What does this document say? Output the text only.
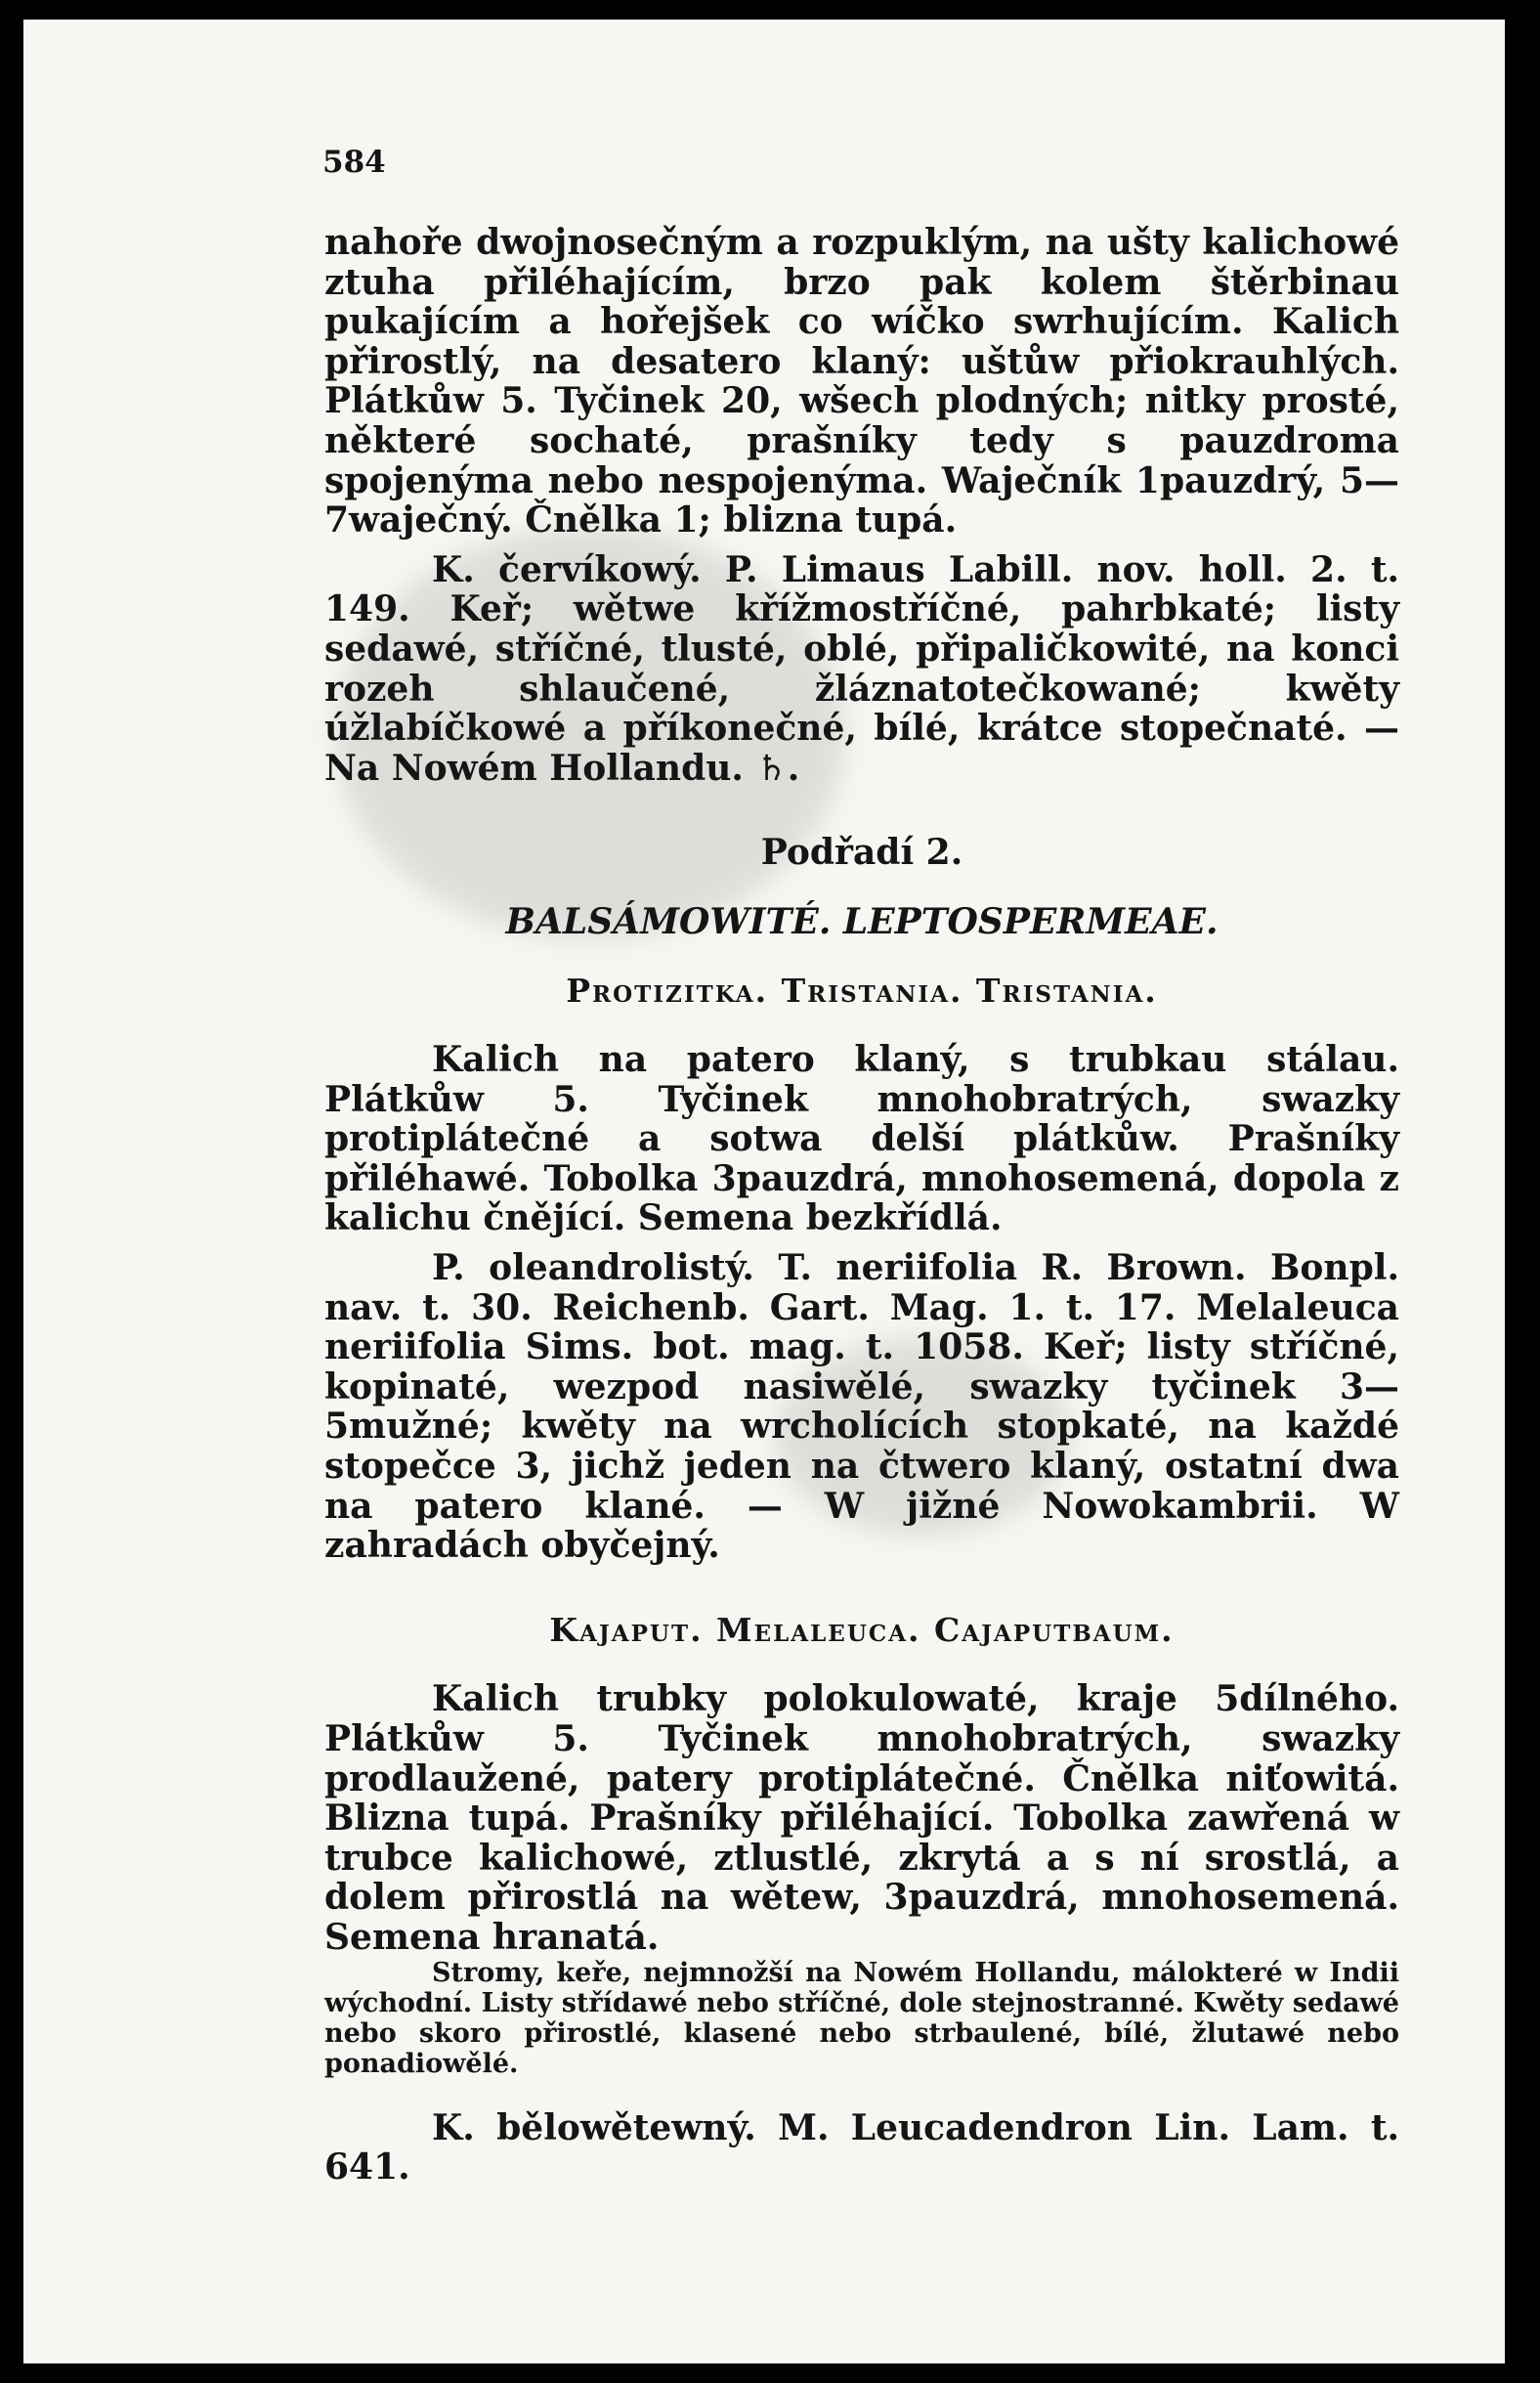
584

nahoře dwojnosečným a rozpuklým, na ušty kalichowé ztuha přiléhajícím, brzo pak kolem štěrbinau pukajícím a hořejšek co wíčko swrhujícím. Kalich přirostlý, na desatero klaný: uštůw přiokrauhlých. Plátkůw 5. Tyčinek 20, wšech plodných; nitky prosté, některé sochaté, prašníky tedy s pauzdroma spojenýma nebo nespojenýma. Waječník 1pauzdrý, 5—7waječný. Čnělka 1; blizna tupá.

K. červíkowý. P. Limaus Labill. nov. holl. 2. t. 149. Keř; wětwe křížmostříčné, pahrbkaté; listy sedawé, stříčné, tlusté, oblé, připaličkowité, na konci rozeh shlaučené, žláznatotečkowané; kwěty úžlabíčkowé a příkonečné, bílé, krátce stopečnaté. — Na Nowém Hollandu. ♄.

Podřadí 2.

BALSÁMOWITÉ. LEPTOSPERMEAE.

Protizitka. Tristania. Tristania.

Kalich na patero klaný, s trubkau stálau. Plátkůw 5. Tyčinek mnohobratrých, swazky protiplátečné a sotwa delší plátkůw. Prašníky přiléhawé. Tobolka 3pauzdrá, mnohosemená, dopola z kalichu čnějící. Semena bezkřídlá.

P. oleandrolistý. T. neriifolia R. Brown. Bonpl. nav. t. 30. Reichenb. Gart. Mag. 1. t. 17. Melaleuca neriifolia Sims. bot. mag. t. 1058. Keř; listy stříčné, kopinaté, wezpod nasiwělé, swazky tyčinek 3—5mužné; kwěty na wrcholících stopkaté, na každé stopečce 3, jichž jeden na čtwero klaný, ostatní dwa na patero klané. — W jižné Nowokambrii. W zahradách obyčejný.

Kajaput. Melaleuca. Cajaputbaum.

Kalich trubky polokulowaté, kraje 5dílného. Plátkůw 5. Tyčinek mnohobratrých, swazky prodlaužené, patery protiplátečné. Čnělka niťowitá. Blizna tupá. Prašníky přiléhající. Tobolka zawřená w trubce kalichowé, ztlustlé, zkrytá a s ní srostlá, a dolem přirostlá na wětew, 3pauzdrá, mnohosemená. Semena hranatá.

Stromy, keře, nejmnožší na Nowém Hollandu, málokteré w Indii wýchodní. Listy střídawé nebo stříčné, dole stejnostranné. Kwěty sedawé nebo skoro přirostlé, klasené nebo strbaulené, bílé, žlutawé nebo ponadiowělé.

K. bělowětewný. M. Leucadendron Lin. Lam. t. 641.
